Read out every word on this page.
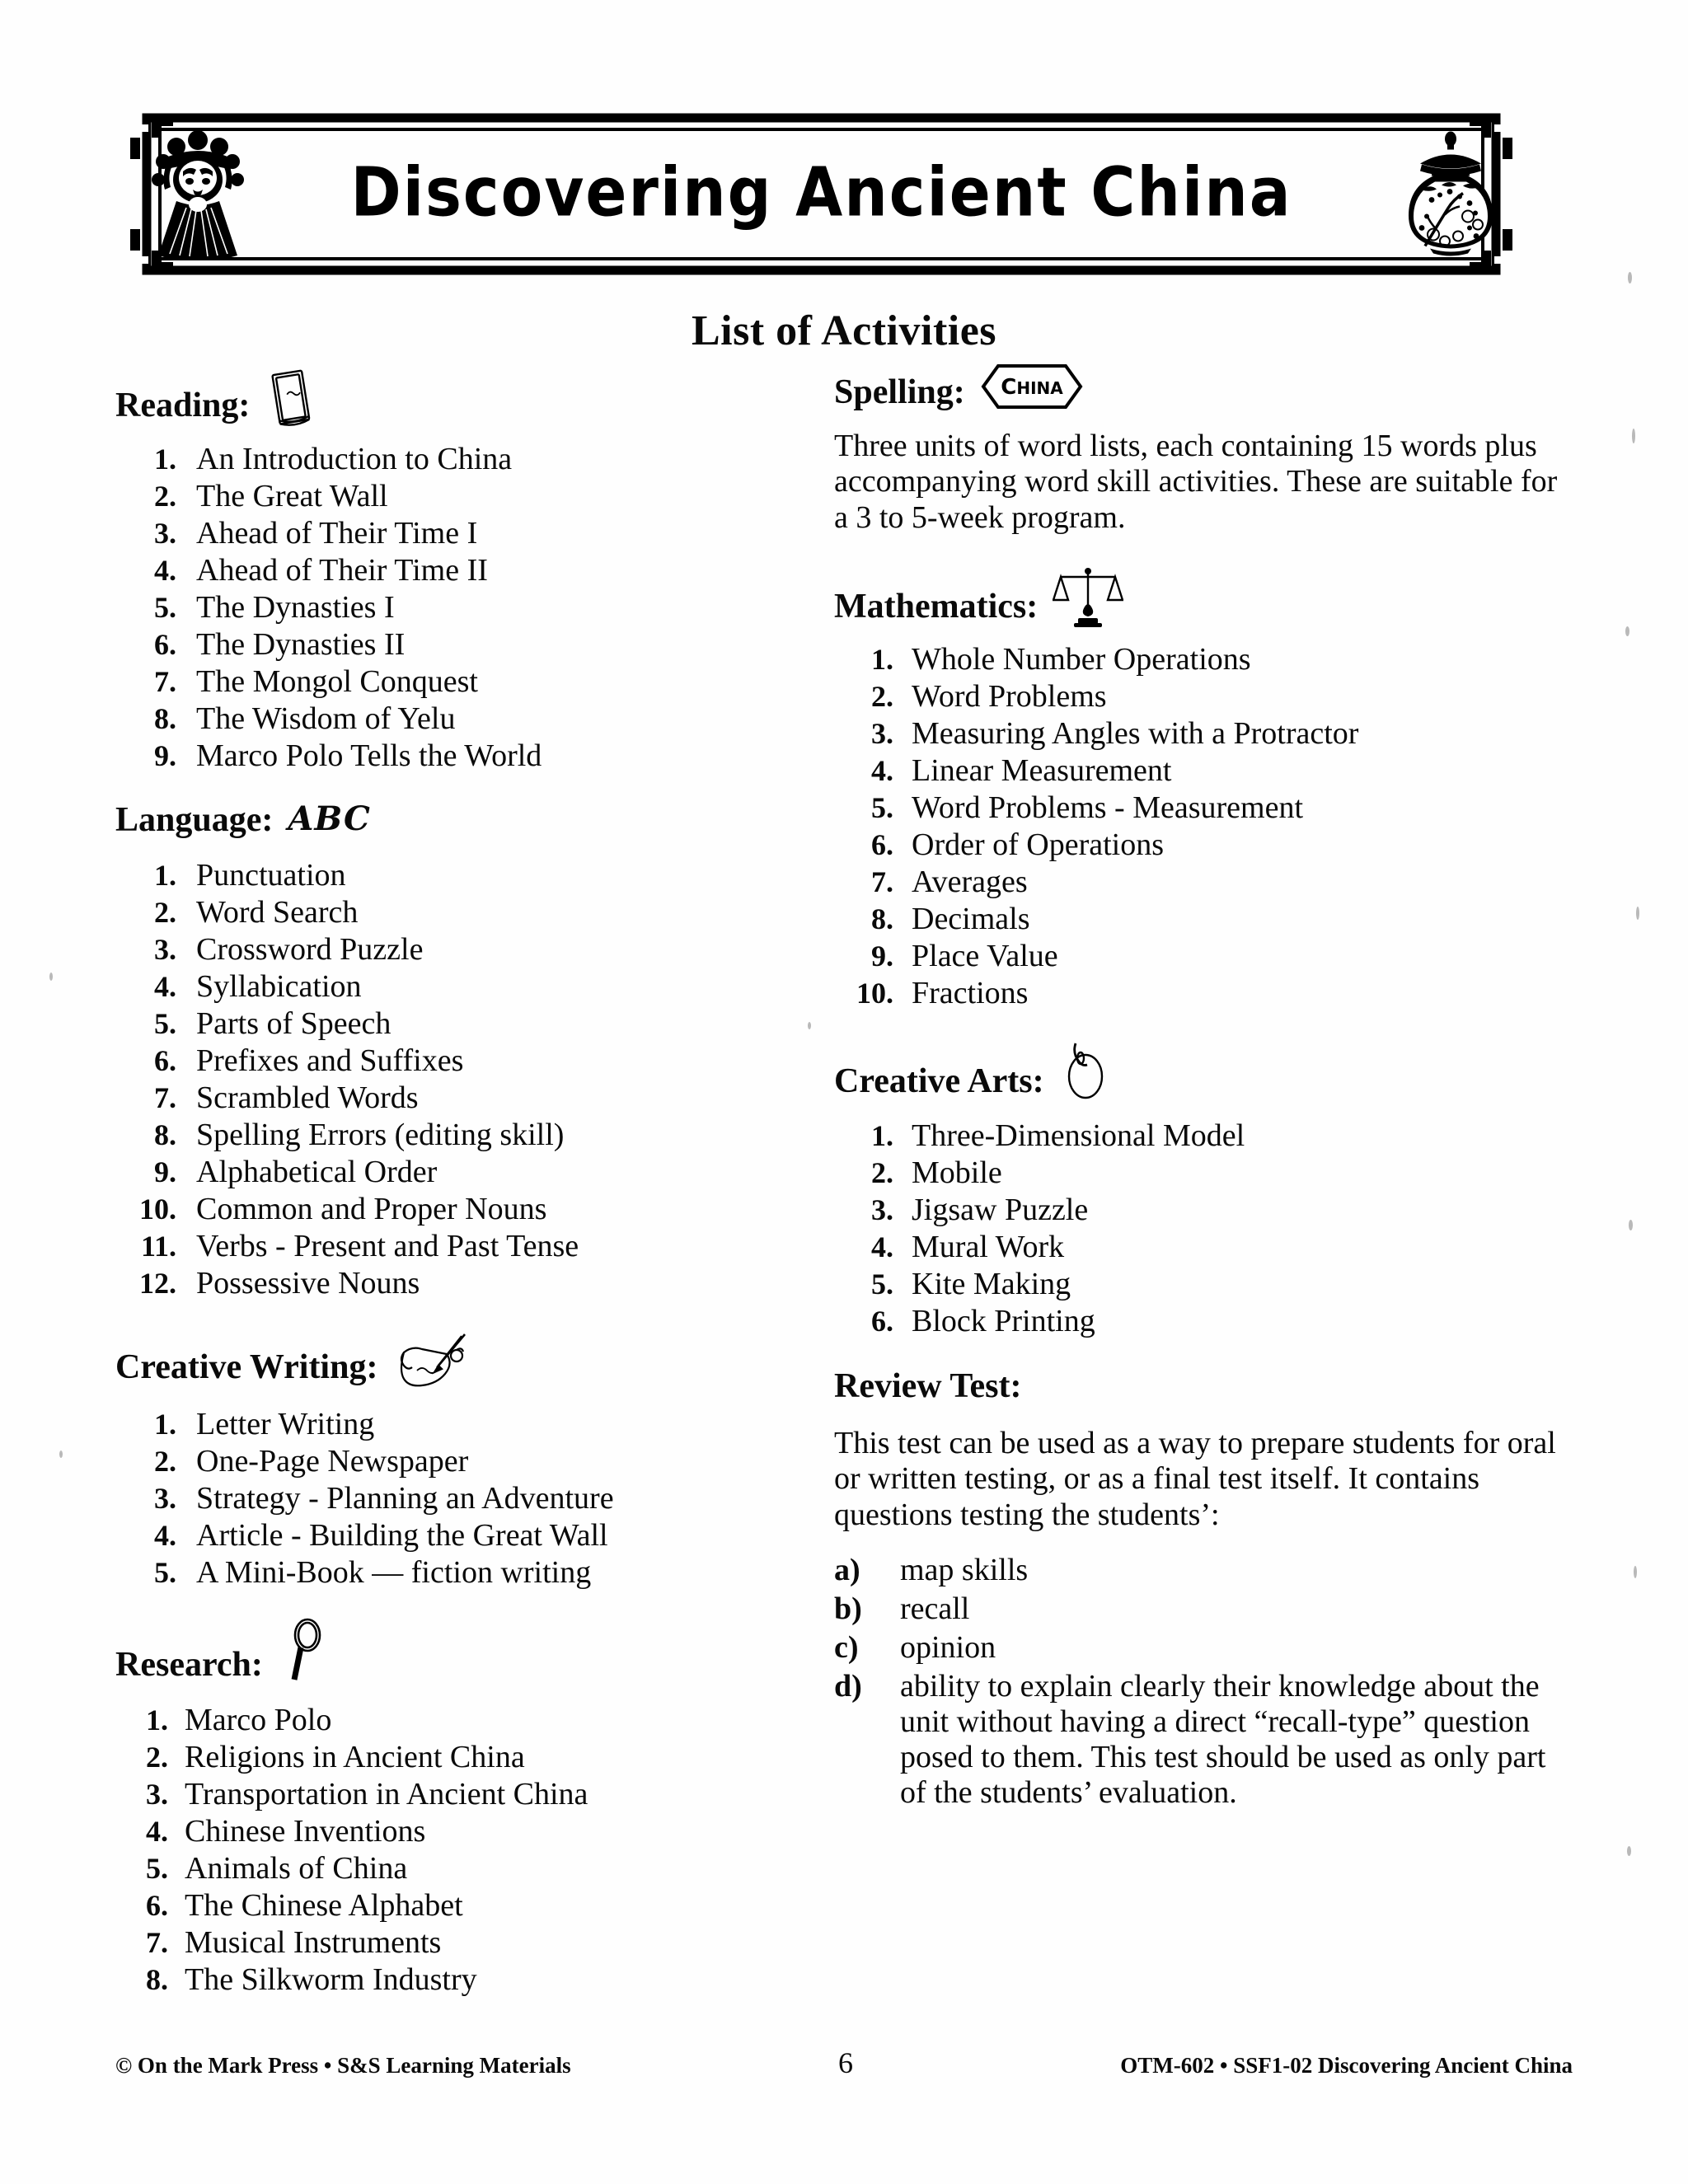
Discovering Ancient China
List of Activities
Reading:
1. An Introduction to China
2. The Great Wall
3. Ahead of Their Time I
4. Ahead of Their Time II
5. The Dynasties I
6. The Dynasties II
7. The Mongol Conquest
8. The Wisdom of Yelu
9. Marco Polo Tells the World
Language: ABC
1. Punctuation
2. Word Search
3. Crossword Puzzle
4. Syllabication
5. Parts of Speech
6. Prefixes and Suffixes
7. Scrambled Words
8. Spelling Errors (editing skill)
9. Alphabetical Order
10. Common and Proper Nouns
11. Verbs - Present and Past Tense
12. Possessive Nouns
Creative Writing:
1. Letter Writing
2. One-Page Newspaper
3. Strategy - Planning an Adventure
4. Article - Building the Great Wall
5. A Mini-Book — fiction writing
Research:
1. Marco Polo
2. Religions in Ancient China
3. Transportation in Ancient China
4. Chinese Inventions
5. Animals of China
6. The Chinese Alphabet
7. Musical Instruments
8. The Silkworm Industry
Spelling: CHINA

Three units of word lists, each containing 15 words plus accompanying word skill activities. These are suitable for a 3 to 5-week program.

Mathematics:
1. Whole Number Operations
2. Word Problems
3. Measuring Angles with a Protractor
4. Linear Measurement
5. Word Problems - Measurement
6. Order of Operations
7. Averages
8. Decimals
9. Place Value
10. Fractions
Creative Arts:
1. Three-Dimensional Model
2. Mobile
3. Jigsaw Puzzle
4. Mural Work
5. Kite Making
6. Block Printing
Review Test:

This test can be used as a way to prepare students for oral or written testing, or as a final test itself. It contains questions testing the students’:

a)	map skills
b)	recall
c)	opinion
d)	ability to explain clearly their knowledge about the unit without having a direct “recall-type” question posed to them. This test should be used as only part of the students’ evaluation.
© On the Mark Press • S&S Learning Materials	6	OTM-602 • SSF1-02 Discovering Ancient China
